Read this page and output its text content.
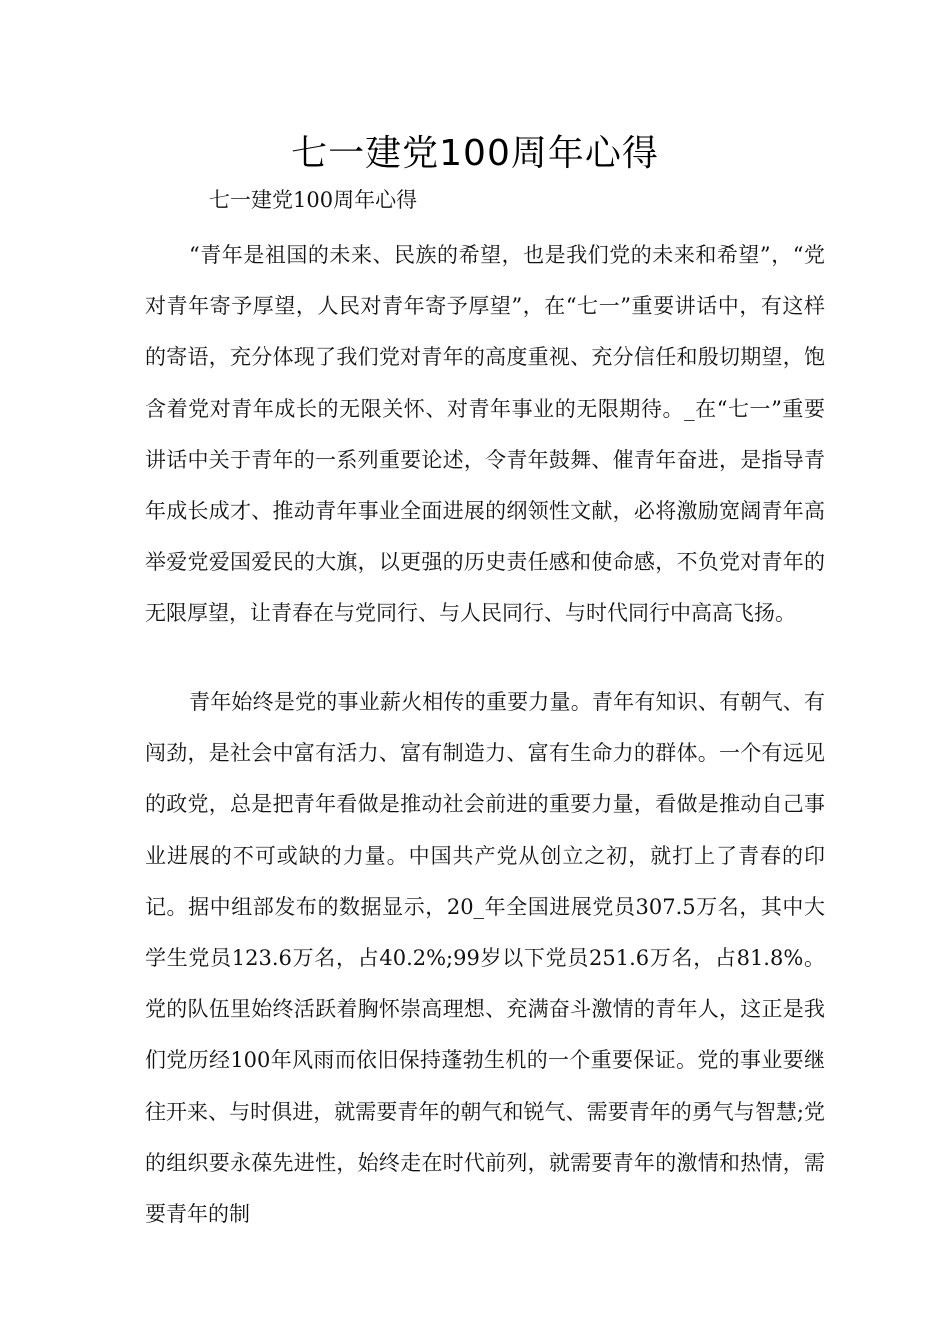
七一建党100周年心得
七一建党100周年心得

“青年是祖国的未来、民族的希望，也是我们党的未来和希望”，“党对青年寄予厚望，人民对青年寄予厚望”，在“七一”重要讲话中，有这样的寄语，充分体现了我们党对青年的高度重视、充分信任和殷切期望，饱含着党对青年成长的无限关怀、对青年事业的无限期待。_在“七一”重要讲话中关于青年的一系列重要论述，令青年鼓舞、催青年奋进，是指导青年成长成才、推动青年事业全面进展的纲领性文献，必将激励宽阔青年高举爱党爱国爱民的大旗，以更强的历史责任感和使命感，不负党对青年的无限厚望，让青春在与党同行、与人民同行、与时代同行中高高飞扬。

青年始终是党的事业薪火相传的重要力量。青年有知识、有朝气、有闯劲，是社会中富有活力、富有制造力、富有生命力的群体。一个有远见的政党，总是把青年看做是推动社会前进的重要力量，看做是推动自己事业进展的不可或缺的力量。中国共产党从创立之初，就打上了青春的印记。据中组部发布的数据显示，20_年全国进展党员307.5万名，其中大学生党员123.6万名，占40.2%;99岁以下党员251.6万名，占81.8%。党的队伍里始终活跃着胸怀崇高理想、充满奋斗激情的青年人，这正是我们党历经100年风雨而依旧保持蓬勃生机的一个重要保证。党的事业要继往开来、与时俱进，就需要青年的朝气和锐气、需要青年的勇气与智慧;党的组织要永葆先进性，始终走在时代前列，就需要青年的激情和热情，需要青年的制
